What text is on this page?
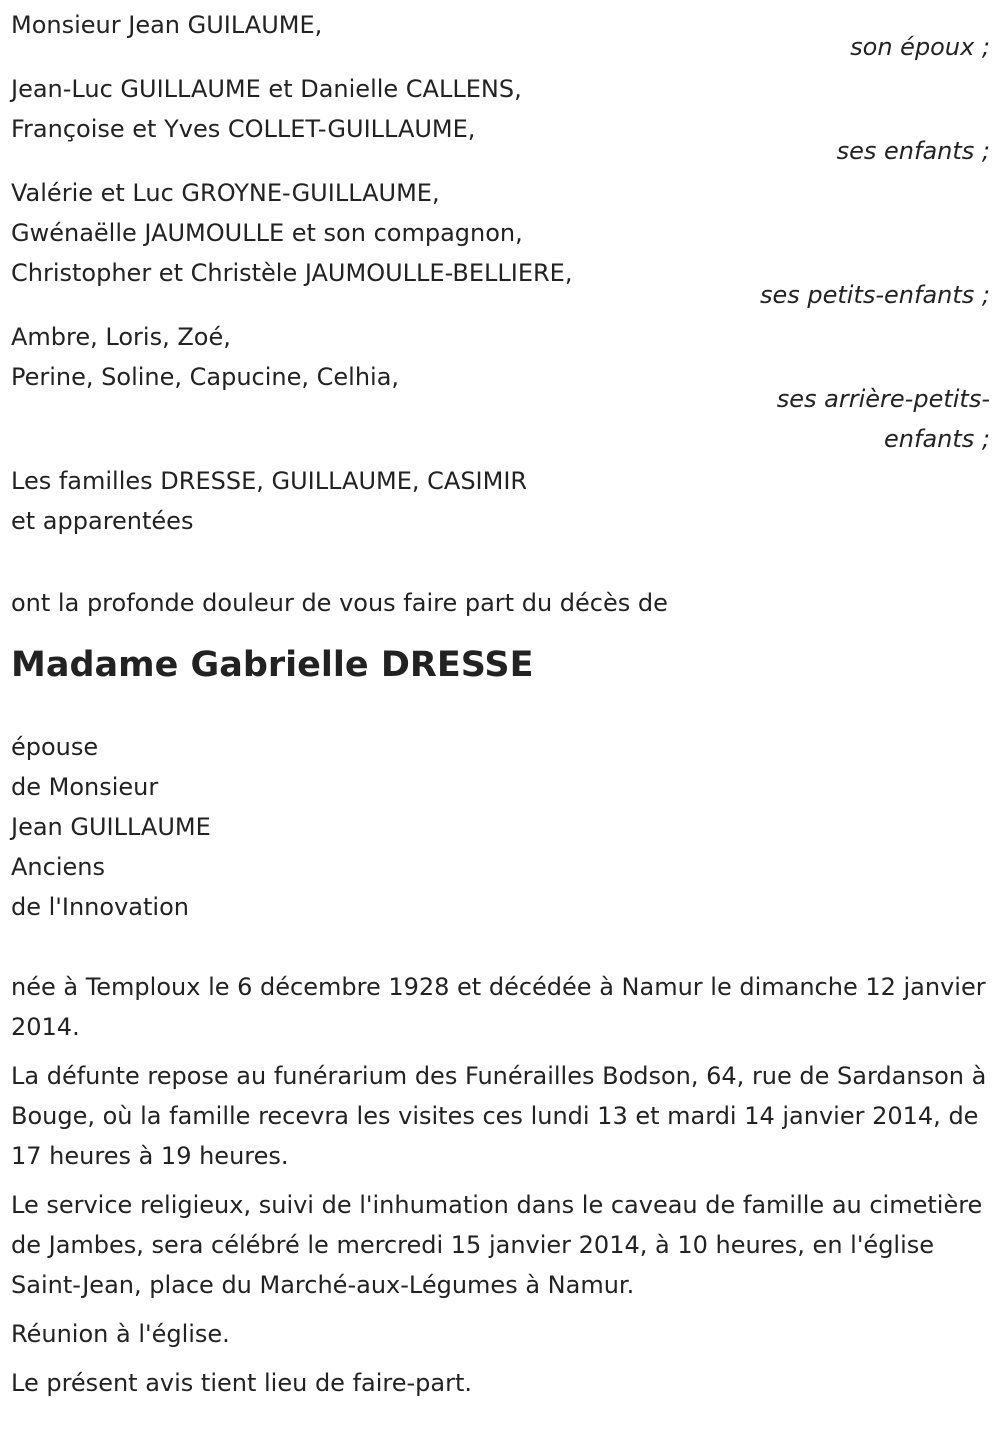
Monsieur Jean GUILAUME,
son époux ;
Jean-Luc GUILLAUME et Danielle CALLENS,
Françoise et Yves COLLET-GUILLAUME,
ses enfants ;
Valérie et Luc GROYNE-GUILLAUME,
Gwénaëlle JAUMOULLE et son compagnon,
Christopher et Christèle JAUMOULLE-BELLIERE,
ses petits-enfants ;
Ambre, Loris, Zoé,
Perine, Soline, Capucine, Celhia,
ses arrière-petits-
enfants ;
Les familles DRESSE, GUILLAUME, CASIMIR
et apparentées
ont la profonde douleur de vous faire part du décès de
Madame Gabrielle DRESSE
épouse
de Monsieur
Jean GUILLAUME
Anciens
de l'Innovation
née à Temploux le 6 décembre 1928 et décédée à Namur le dimanche 12 janvier 2014.
La défunte repose au funérarium des Funérailles Bodson, 64, rue de Sardanson à Bouge, où la famille recevra les visites ces lundi 13 et mardi 14 janvier 2014, de 17 heures à 19 heures.
Le service religieux, suivi de l'inhumation dans le caveau de famille au cimetière de Jambes, sera célébré le mercredi 15 janvier 2014, à 10 heures, en l'église Saint-Jean, place du Marché-aux-Légumes à Namur.
Réunion à l'église.
Le présent avis tient lieu de faire-part.
